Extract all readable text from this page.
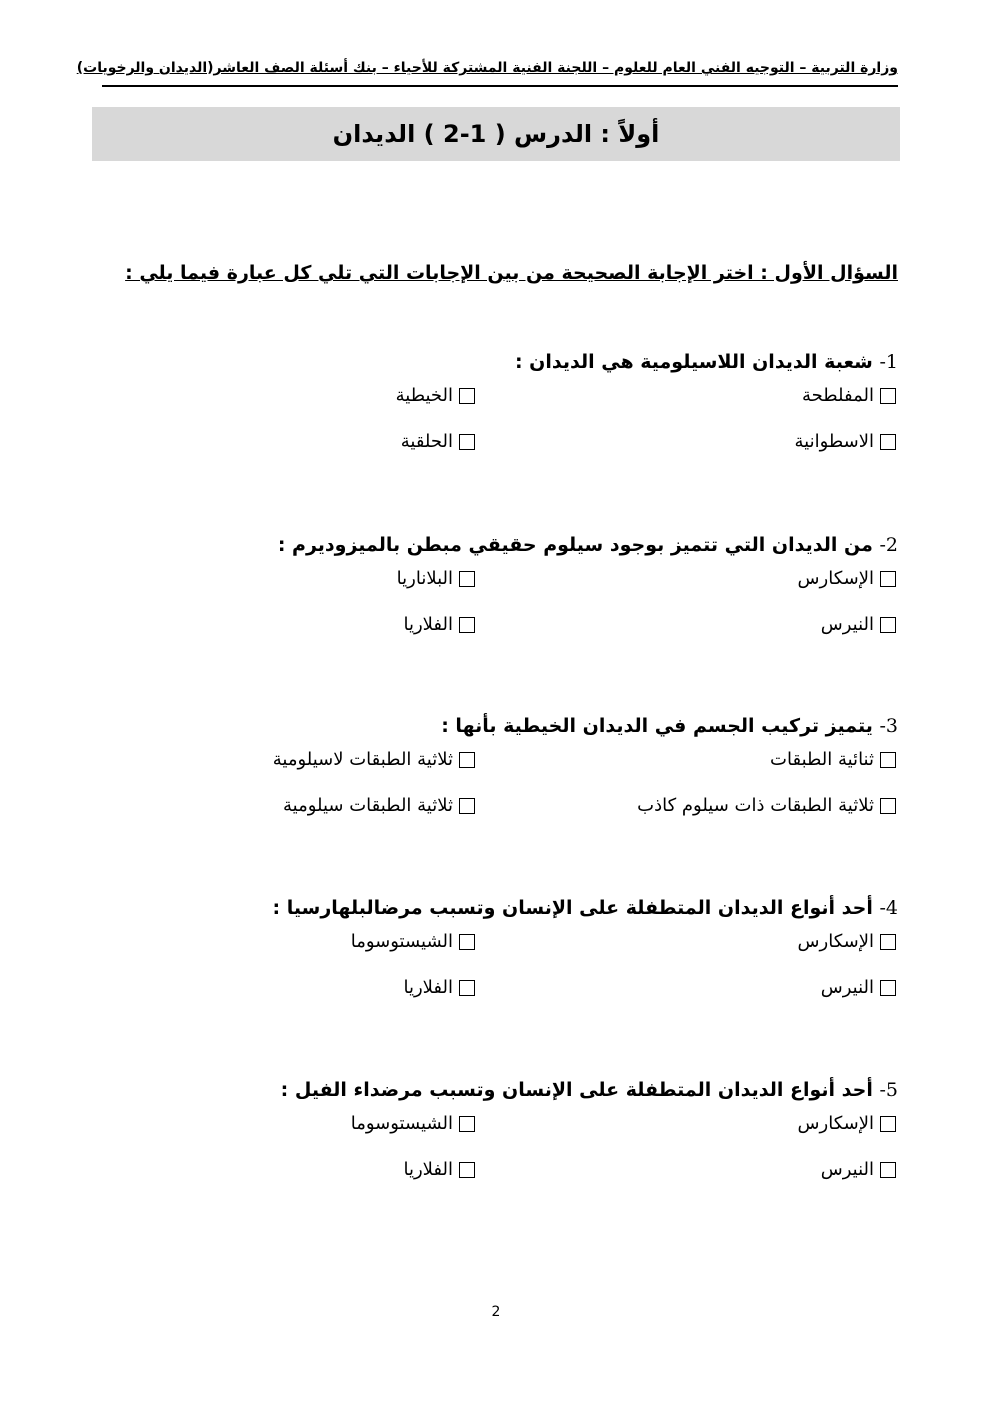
وزارة التربية – التوجيه الفني العام للعلوم – اللجنة الفنية المشتركة للأحياء – بنك أسئلة الصف العاشر(الديدان والرخويات)
أولاً : الدرس ( 1-2 ) الديدان
السؤال الأول : اختر الإجابة الصحيحة من بين الإجابات التي تلي كل عبارة فيما يلي :
1- شعبة الديدان اللاسيلومية هي الديدان :
المفلطحة
الخيطية
الاسطوانية
الحلقية
2- من الديدان التي تتميز بوجود سيلوم حقيقي مبطن بالميزوديرم :
الإسكارس
البلاناريا
النيرس
الفلاريا
3- يتميز تركيب الجسم في الديدان الخيطية بأنها :
ثنائية الطبقات
ثلاثية الطبقات لاسيلومية
ثلاثية الطبقات ذات سيلوم كاذب
ثلاثية الطبقات سيلومية
4- أحد أنواع الديدان المتطفلة على الإنسان وتسبب مرضالبلهارسيا :
الإسكارس
الشيستوسوما
النيرس
الفلاريا
5- أحد أنواع الديدان المتطفلة على الإنسان وتسبب مرضداء الفيل :
الإسكارس
الشيستوسوما
النيرس
الفلاريا
2
